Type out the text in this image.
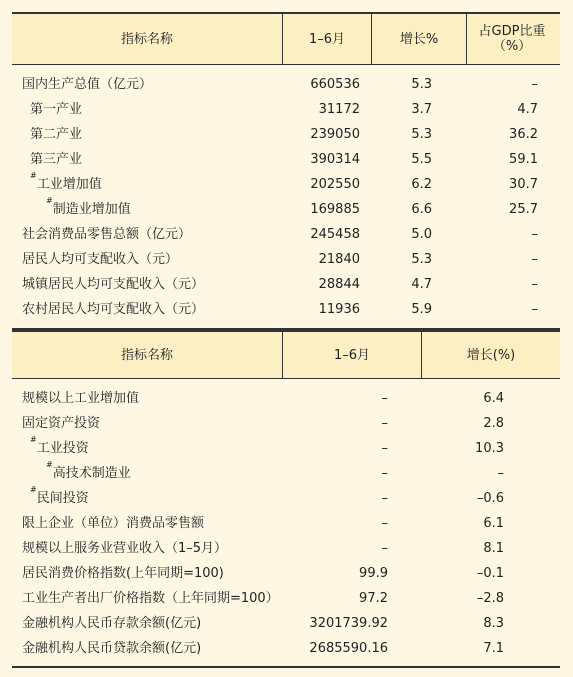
指标名称	1–6月	增长%	占GDP比重（%）
国内生产总值（亿元）	660536	5.3	–
第一产业	31172	3.7	4.7
第二产业	239050	5.3	36.2
第三产业	390314	5.5	59.1
#工业增加值	202550	6.2	30.7
#制造业增加值	169885	6.6	25.7
社会消费品零售总额（亿元）	245458	5.0	–
居民人均可支配收入（元）	21840	5.3	–
城镇居民人均可支配收入（元）	28844	4.7	–
农村居民人均可支配收入（元）	11936	5.9	–
指标名称	1–6月	增长(%)
规模以上工业增加值	–	6.4
固定资产投资	–	2.8
#工业投资	–	10.3
#高技术制造业	–	–
#民间投资	–	–0.6
限上企业（单位）消费品零售额	–	6.1
规模以上服务业营业收入（1–5月）	–	8.1
居民消费价格指数(上年同期=100)	99.9	–0.1
工业生产者出厂价格指数（上年同期=100）	97.2	–2.8
金融机构人民币存款余额(亿元)	3201739.92	8.3
金融机构人民币贷款余额(亿元)	2685590.16	7.1
